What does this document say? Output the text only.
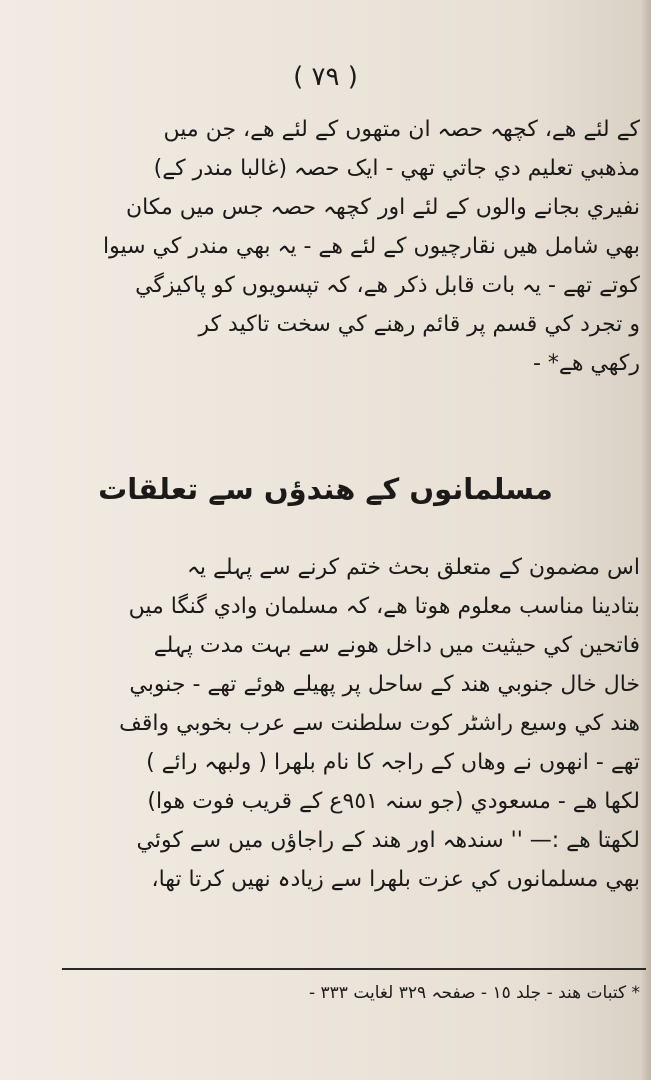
( ٧٩ )
کے لئے ھے، کچھہ حصہ ان متھوں کے لئے ھے، جن میں
مذھبي تعلیم دي جاتي تھي - ایک حصہ (غالبا مندر کے)
نفیري بجانے والوں کے لئے اور کچھہ حصہ جس میں مکان
بھي شامل ھیں نقارچیوں کے لئے ھے - یہ بھي مندر کي سیوا
کوتے تھے - یہ بات قابل ذکر ھے، کہ تپسویوں کو پاکیزگي
و تجرد کي قسم پر قائم رھنے کي سخت تاکید کر
رکھي ھے* -
مسلمانوں کے ھندؤں سے تعلقات
اس مضمون کے متعلق بحث ختم کرنے سے پہلے یہ
بتادینا مناسب معلوم ھوتا ھے، کہ مسلمان وادي گنگا میں
فاتحین کي حیثیت میں داخل ھونے سے بہت مدت پہلے
خال خال جنوبي ھند کے ساحل پر پھیلے ھوئے تھے - جنوبي
ھند کي وسیع راشٹر کوت سلطنت سے عرب بخوبي واقف
تھے - انھوں نے وھاں کے راجہ کا نام بلھرا ( ولبھہ رائے )
لکھا ھے - مسعودي (جو سنہ ٩٥١ع کے قریب فوت ھوا)
لکھتا ھے :— '' سندھہ اور ھند کے راجاؤں میں سے کوئي
بھي مسلمانوں کي عزت بلھرا سے زیادہ نھیں کرتا تھا،
* کتبات ھند - جلد ١٥ - صفحہ ٣٢٩ لغایت ٣٣٣ -
